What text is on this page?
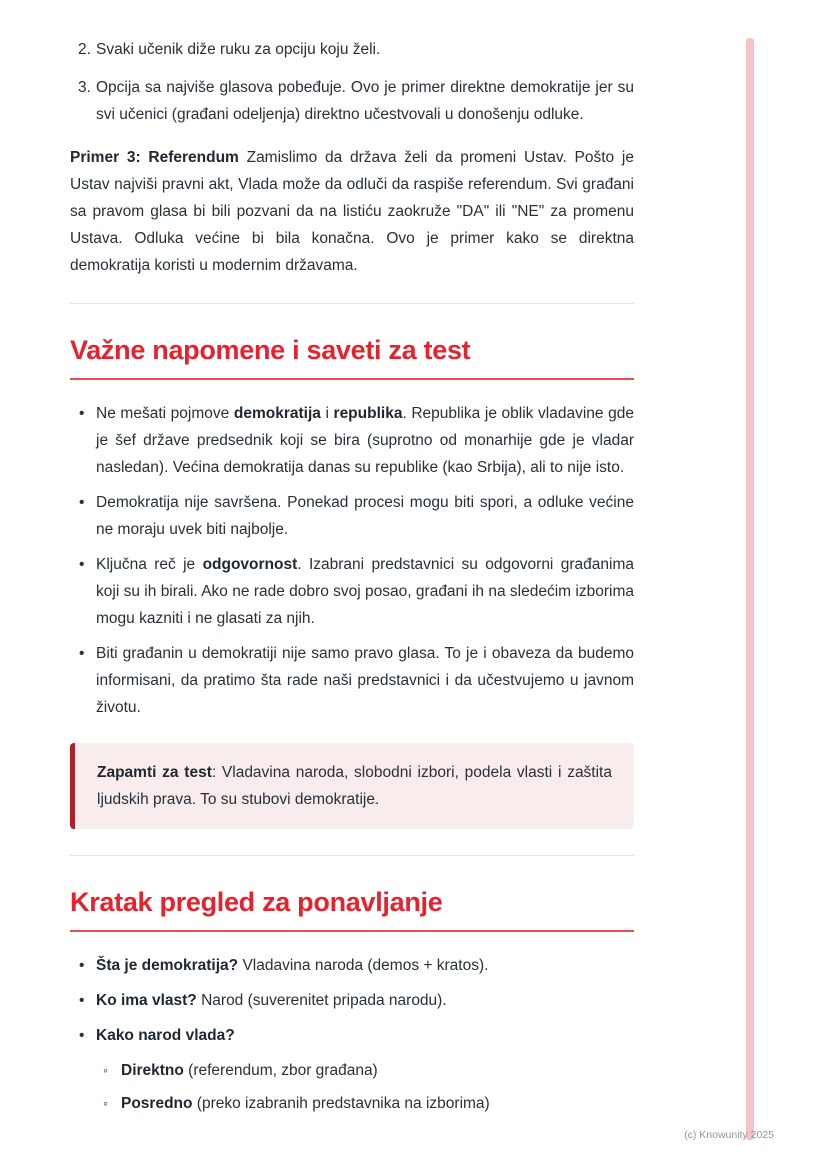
2. Svaki učenik diže ruku za opciju koju želi.
3. Opcija sa najviše glasova pobeđuje. Ovo je primer direktne demokratije jer su svi učenici (građani odeljenja) direktno učestvovali u donošenju odluke.

Primer 3: Referendum Zamislimo da država želi da promeni Ustav. Pošto je Ustav najviši pravni akt, Vlada može da odluči da raspiše referendum. Svi građani sa pravom glasa bi bili pozvani da na listiću zaokruže "DA" ili "NE" za promenu Ustava. Odluka većine bi bila konačna. Ovo je primer kako se direktna demokratija koristi u modernim državama.

Važne napomene i saveti za test
• Ne mešati pojmove demokratija i republika. Republika je oblik vladavine gde je šef države predsednik koji se bira (suprotno od monarhije gde je vladar nasledan). Većina demokratija danas su republike (kao Srbija), ali to nije isto.
• Demokratija nije savršena. Ponekad procesi mogu biti spori, a odluke većine ne moraju uvek biti najbolje.
• Ključna reč je odgovornost. Izabrani predstavnici su odgovorni građanima koji su ih birali. Ako ne rade dobro svoj posao, građani ih na sledećim izborima mogu kazniti i ne glasati za njih.
• Biti građanin u demokratiji nije samo pravo glasa. To je i obaveza da budemo informisani, da pratimo šta rade naši predstavnici i da učestvujemo u javnom životu.
Zapamti za test: Vladavina naroda, slobodni izbori, podela vlasti i zaštita ljudskih prava. To su stubovi demokratije.
Kratak pregled za ponavljanje
• Šta je demokratija? Vladavina naroda (demos + kratos).
• Ko ima vlast? Narod (suverenitet pripada narodu).
• Kako narod vlada?
◦ Direktno (referendum, zbor građana)
◦ Posredno (preko izabranih predstavnika na izborima)
(c) Knowunity 2025
